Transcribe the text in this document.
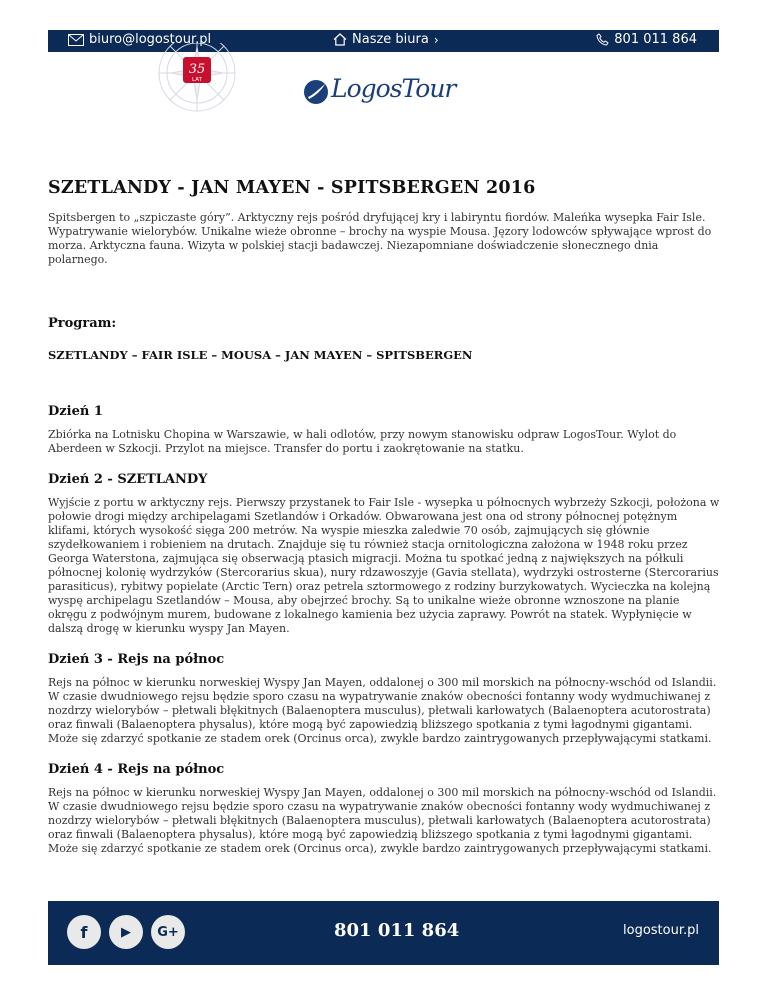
biuro@logostour.pl	Nasze biura ›	801 011 864
35
LAT	LogosTour
SZETLANDY - JAN MAYEN - SPITSBERGEN 2016

Spitsbergen to „szpiczaste góry”. Arktyczny rejs pośród dryfującej kry i labiryntu fiordów. Maleńka wysepka Fair Isle. Wypatrywanie wielorybów. Unikalne wieże obronne – brochy na wyspie Mousa. Jęzory lodowców spływające wprost do morza. Arktyczna fauna. Wizyta w polskiej stacji badawczej. Niezapomniane doświadczenie słonecznego dnia polarnego.

Program:
SZETLANDY – FAIR ISLE – MOUSA – JAN MAYEN – SPITSBERGEN
Dzień 1

Zbiórka na Lotnisku Chopina w Warszawie, w hali odlotów, przy nowym stanowisku odpraw LogosTour. Wylot do Aberdeen w Szkocji. Przylot na miejsce. Transfer do portu i zaokrętowanie na statku.

Dzień 2 - SZETLANDY

Wyjście z portu w arktyczny rejs. Pierwszy przystanek to Fair Isle - wysepka u północnych wybrzeży Szkocji, położona w połowie drogi między archipelagami Szetlandów i Orkadów. Obwarowana jest ona od strony północnej potężnym klifami, których wysokość sięga 200 metrów. Na wyspie mieszka zaledwie 70 osób, zajmujących się głównie szydełkowaniem i robieniem na drutach. Znajduje się tu również stacja ornitologiczna założona w 1948 roku przez Georga Waterstona, zajmująca się obserwacją ptasich migracji. Można tu spotkać jedną z największych na półkuli północnej kolonię wydrzyków (Stercorarius skua), nury rdzawoszyje (Gavia stellata), wydrzyki ostrosterne (Stercorarius parasiticus), rybitwy popielate (Arctic Tern) oraz petrela sztormowego z rodziny burzykowatych. Wycieczka na kolejną wyspę archipelagu Szetlandów – Mousa, aby obejrzeć brochy. Są to unikalne wieże obronne wznoszone na planie okręgu z podwójnym murem, budowane z lokalnego kamienia bez użycia zaprawy. Powrót na statek. Wypłynięcie w dalszą drogę w kierunku wyspy Jan Mayen.

Dzień 3 - Rejs na północ

Rejs na północ w kierunku norweskiej Wyspy Jan Mayen, oddalonej o 300 mil morskich na północny-wschód od Islandii. W czasie dwudniowego rejsu będzie sporo czasu na wypatrywanie znaków obecności fontanny wody wydmuchiwanej z nozdrzy wielorybów – płetwali błękitnych (Balaenoptera musculus), płetwali karłowatych (Balaenoptera acutorostrata) oraz finwali (Balaenoptera physalus), które mogą być zapowiedzią bliższego spotkania z tymi łagodnymi gigantami. Może się zdarzyć spotkanie ze stadem orek (Orcinus orca), zwykle bardzo zaintrygowanych przepływającymi statkami.

Dzień 4 - Rejs na północ

Rejs na północ w kierunku norweskiej Wyspy Jan Mayen, oddalonej o 300 mil morskich na północny-wschód od Islandii. W czasie dwudniowego rejsu będzie sporo czasu na wypatrywanie znaków obecności fontanny wody wydmuchiwanej z nozdrzy wielorybów – płetwali błękitnych (Balaenoptera musculus), płetwali karłowatych (Balaenoptera acutorostrata) oraz finwali (Balaenoptera physalus), które mogą być zapowiedzią bliższego spotkania z tymi łagodnymi gigantami. Może się zdarzyć spotkanie ze stadem orek (Orcinus orca), zwykle bardzo zaintrygowanych przepływającymi statkami.

f	▶ G+	801 011 864	logostour.pl
